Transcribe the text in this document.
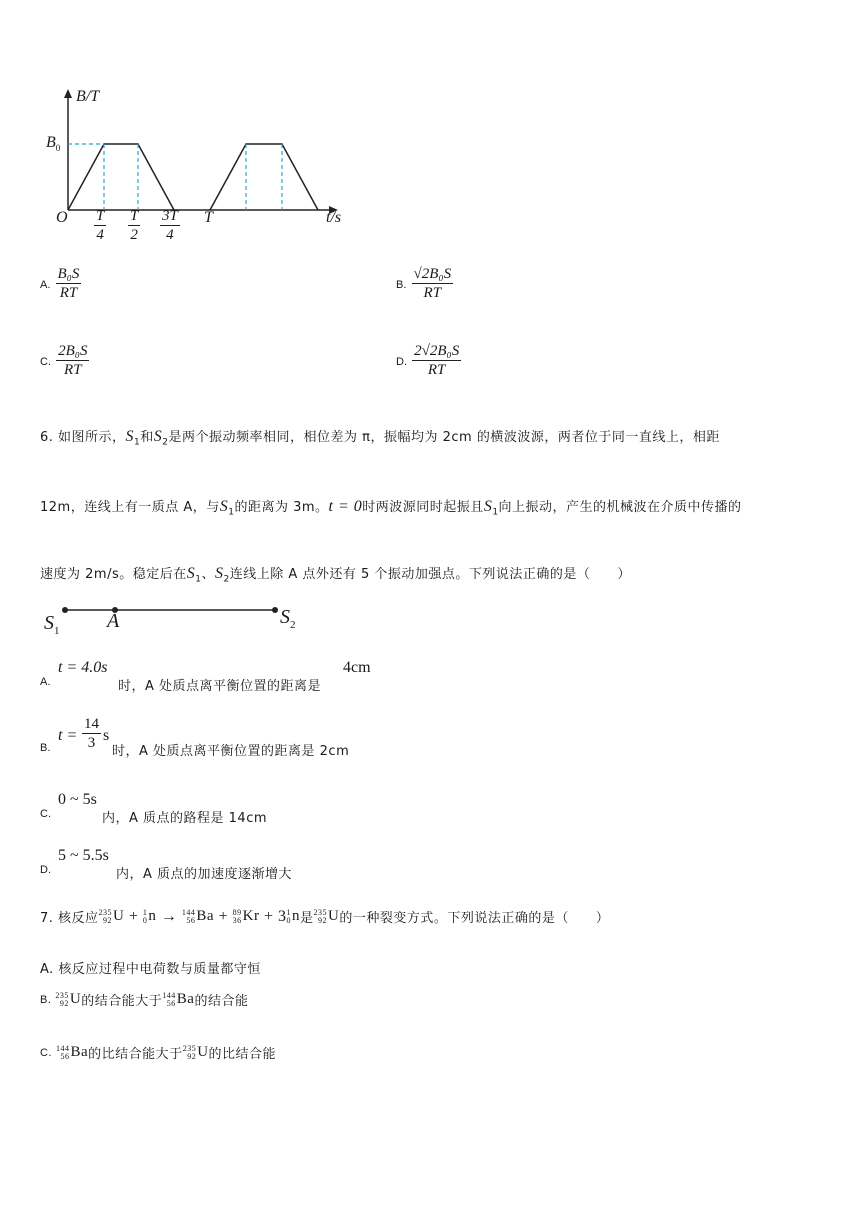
B/T
$B_0$
O $\frac{T}{4} \frac{T}{2} \frac{3T}{4}$ T	t/s
A. $\frac{\text{B₀S}}{RT}$	B. $\frac{\text{√2B₀S}}{RT}$
C. $\frac{\text{2B₀S}}{RT}$	D. $\frac{\text{2√2B₀S}}{RT}$
6. 如图所示，$S_1$和$S_2$是两个振动频率相同，相位差为 π，振幅均为 2cm 的横波波源，两者位于同一直线上，相距
12m，连线上有一质点 A，与$S_1$的距离为 3m。t = 0时两波源同时起振且$S_1$向上振动，产生的机械波在介质中传播的
速度为 2m/s。稳定后在$S_1$、$S_2$连线上除 A 点外还有 5 个振动加强点。下列说法正确的是（　　）
$S_1$ A	$S_2$
A.
t = 4.0s
时，A 处质点离平衡位置的距离是
4cm
B.
$t = \frac{14}{3}$ s
时，A 处质点离平衡位置的距离是 2cm
C.
0 ~ 5s
内，A 质点的路程是 14cm
D.
5 ~ 5.5s
内，A 质点的加速度逐渐增大
7. 核反应 235
92 U + 1
0 n → 144
56 Ba + 89
36 Kr + 3 1
0 n 是 235
92 U 的一种裂变方式。下列说法正确的是（　　）
A. 核反应过程中电荷数与质量都守恒
B. 235
92 U 的结合能大于 144
56 Ba 的结合能
C. 144
56 Ba 的比结合能大于 235
92 U 的比结合能
